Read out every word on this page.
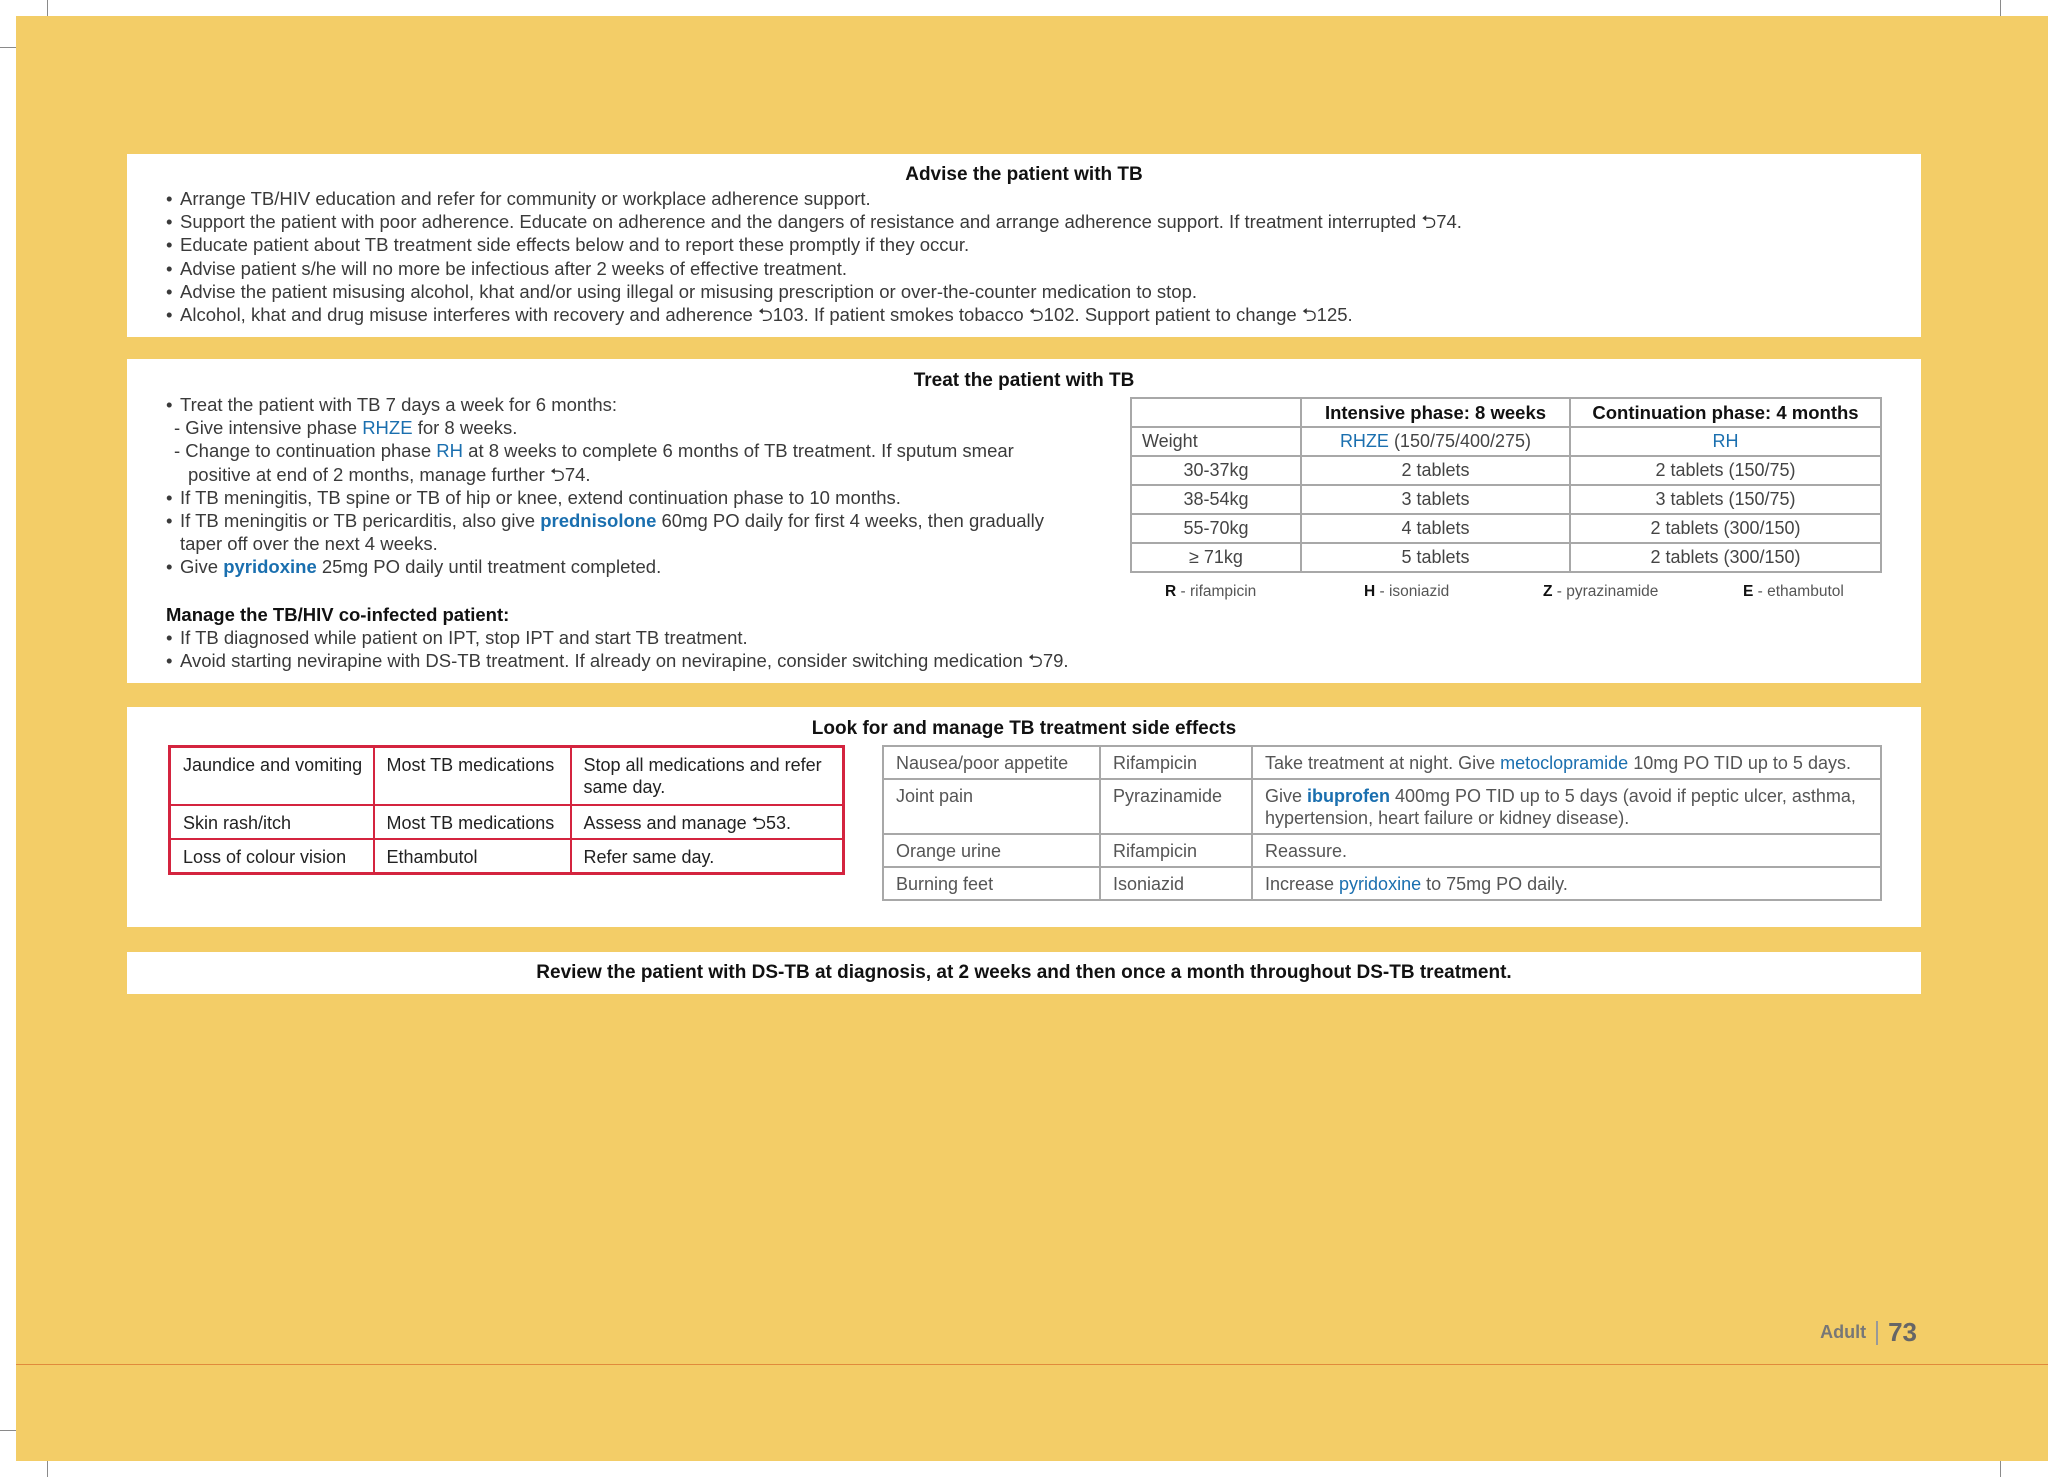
Advise the patient with TB
• Arrange TB/HIV education and refer for community or workplace adherence support.
• Support the patient with poor adherence. Educate on adherence and the dangers of resistance and arrange adherence support. If treatment interrupted ⮌74.
• Educate patient about TB treatment side effects below and to report these promptly if they occur.
• Advise patient s/he will no more be infectious after 2 weeks of effective treatment.
• Advise the patient misusing alcohol, khat and/or using illegal or misusing prescription or over-the-counter medication to stop.
• Alcohol, khat and drug misuse interferes with recovery and adherence ⮌103. If patient smokes tobacco ⮌102. Support patient to change ⮌125.
Treat the patient with TB
• Treat the patient with TB 7 days a week for 6 months:
- Give intensive phase RHZE for 8 weeks.
- Change to continuation phase RH at 8 weeks to complete 6 months of TB treatment. If sputum smear
positive at end of 2 months, manage further ⮌74.
• If TB meningitis, TB spine or TB of hip or knee, extend continuation phase to 10 months.
• If TB meningitis or TB pericarditis, also give prednisolone 60mg PO daily for first 4 weeks, then gradually
taper off over the next 4 weeks.
• Give pyridoxine 25mg PO daily until treatment completed.
Manage the TB/HIV co-infected patient:
• If TB diagnosed while patient on IPT, stop IPT and start TB treatment.
• Avoid starting nevirapine with DS-TB treatment. If already on nevirapine, consider switching medication ⮌79.
	Intensive phase: 8 weeks	Continuation phase: 4 months
Weight	RHZE (150/75/400/275)	RH
30-37kg	2 tablets	2 tablets (150/75)
38-54kg	3 tablets	3 tablets (150/75)
55-70kg	4 tablets	2 tablets (300/150)
≥ 71kg	5 tablets	2 tablets (300/150)
R - rifampicin	H - isoniazid	Z - pyrazinamide	E - ethambutol
Look for and manage TB treatment side effects
Jaundice and vomiting	Most TB medications	Stop all medications and refer same day.
Skin rash/itch	Most TB medications	Assess and manage ⮌53.
Loss of colour vision	Ethambutol	Refer same day.
Nausea/poor appetite	Rifampicin	Take treatment at night. Give metoclopramide 10mg PO TID up to 5 days.
Joint pain	Pyrazinamide	Give ibuprofen 400mg PO TID up to 5 days (avoid if peptic ulcer, asthma, hypertension, heart failure or kidney disease).
Orange urine	Rifampicin	Reassure.
Burning feet	Isoniazid	Increase pyridoxine to 75mg PO daily.
Review the patient with DS-TB at diagnosis, at 2 weeks and then once a month throughout DS-TB treatment.
Adult 73
